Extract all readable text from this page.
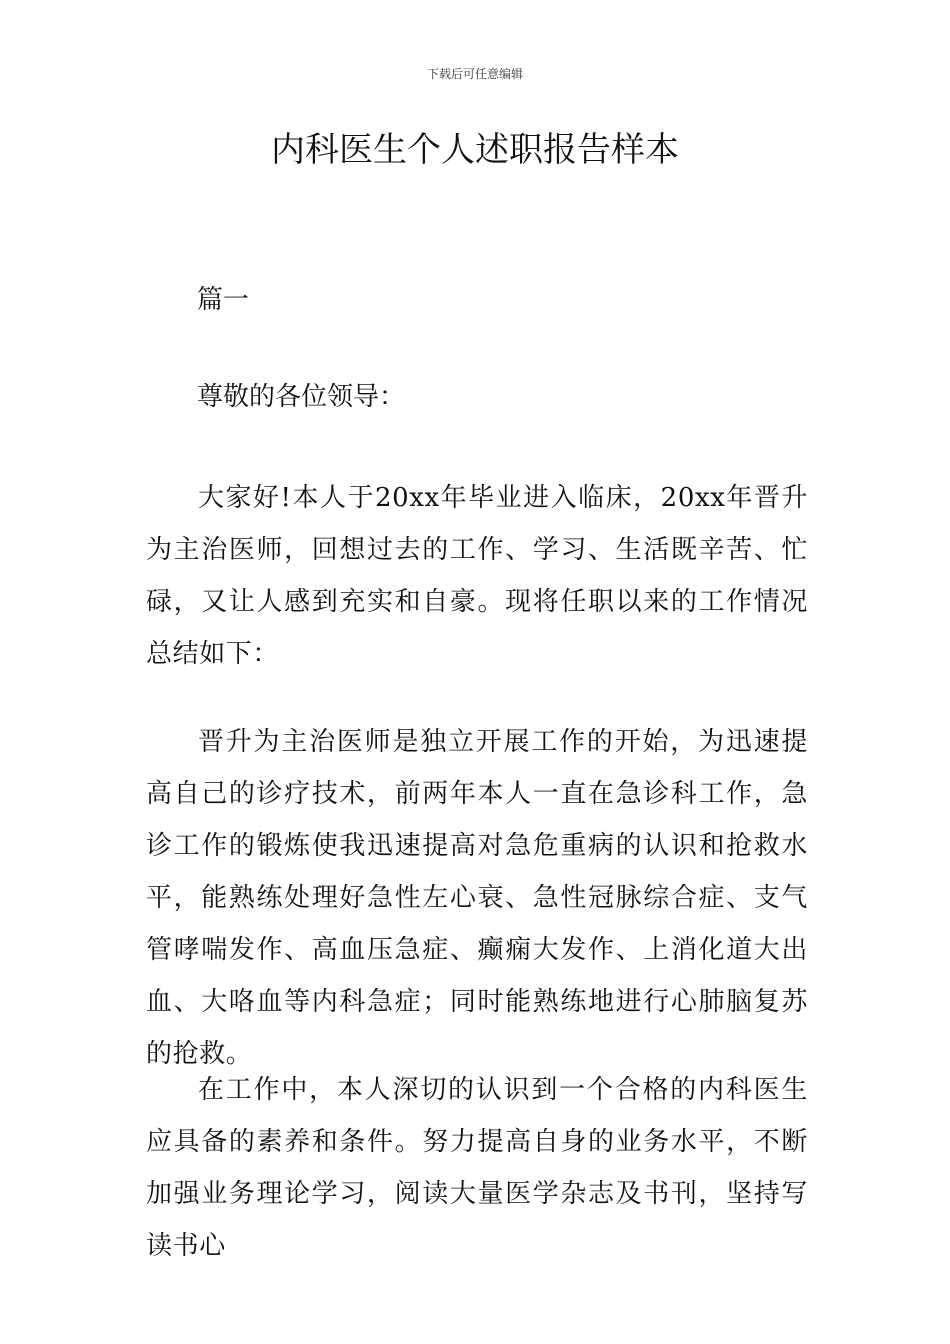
下载后可任意编辑
内科医生个人述职报告样本

篇一

尊敬的各位领导：

大家好!本人于20xx年毕业进入临床，20xx年晋升为主治医师，回想过去的工作、学习、生活既辛苦、忙碌，又让人感到充实和自豪。现将任职以来的工作情况总结如下：

晋升为主治医师是独立开展工作的开始，为迅速提高自己的诊疗技术，前两年本人一直在急诊科工作，急诊工作的锻炼使我迅速提高对急危重病的认识和抢救水平，能熟练处理好急性左心衰、急性冠脉综合症、支气管哮喘发作、高血压急症、癫痫大发作、上消化道大出血、大咯血等内科急症；同时能熟练地进行心肺脑复苏的抢救。

在工作中，本人深切的认识到一个合格的内科医生应具备的素养和条件。努力提高自身的业务水平，不断加强业务理论学习，阅读大量医学杂志及书刊，坚持写读书心
